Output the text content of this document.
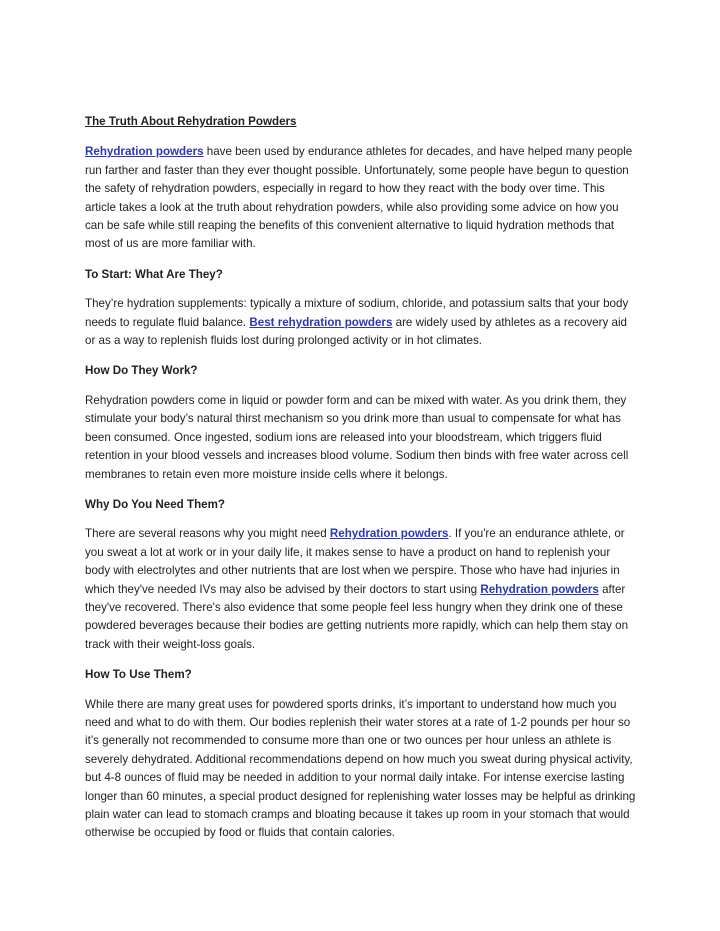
The Truth About Rehydration Powders

Rehydration powders have been used by endurance athletes for decades, and have helped many people run farther and faster than they ever thought possible. Unfortunately, some people have begun to question the safety of rehydration powders, especially in regard to how they react with the body over time. This article takes a look at the truth about rehydration powders, while also providing some advice on how you can be safe while still reaping the benefits of this convenient alternative to liquid hydration methods that most of us are more familiar with.

To Start: What Are They?

They’re hydration supplements: typically a mixture of sodium, chloride, and potassium salts that your body needs to regulate fluid balance. Best rehydration powders are widely used by athletes as a recovery aid or as a way to replenish fluids lost during prolonged activity or in hot climates.

How Do They Work?

Rehydration powders come in liquid or powder form and can be mixed with water. As you drink them, they stimulate your body’s natural thirst mechanism so you drink more than usual to compensate for what has been consumed. Once ingested, sodium ions are released into your bloodstream, which triggers fluid retention in your blood vessels and increases blood volume. Sodium then binds with free water across cell membranes to retain even more moisture inside cells where it belongs.

Why Do You Need Them?

There are several reasons why you might need Rehydration powders. If you're an endurance athlete, or you sweat a lot at work or in your daily life, it makes sense to have a product on hand to replenish your body with electrolytes and other nutrients that are lost when we perspire. Those who have had injuries in which they've needed IVs may also be advised by their doctors to start using Rehydration powders after they've recovered. There's also evidence that some people feel less hungry when they drink one of these powdered beverages because their bodies are getting nutrients more rapidly, which can help them stay on track with their weight-loss goals.

How To Use Them?

While there are many great uses for powdered sports drinks, it’s important to understand how much you need and what to do with them. Our bodies replenish their water stores at a rate of 1-2 pounds per hour so it’s generally not recommended to consume more than one or two ounces per hour unless an athlete is severely dehydrated. Additional recommendations depend on how much you sweat during physical activity, but 4-8 ounces of fluid may be needed in addition to your normal daily intake. For intense exercise lasting longer than 60 minutes, a special product designed for replenishing water losses may be helpful as drinking plain water can lead to stomach cramps and bloating because it takes up room in your stomach that would otherwise be occupied by food or fluids that contain calories.
